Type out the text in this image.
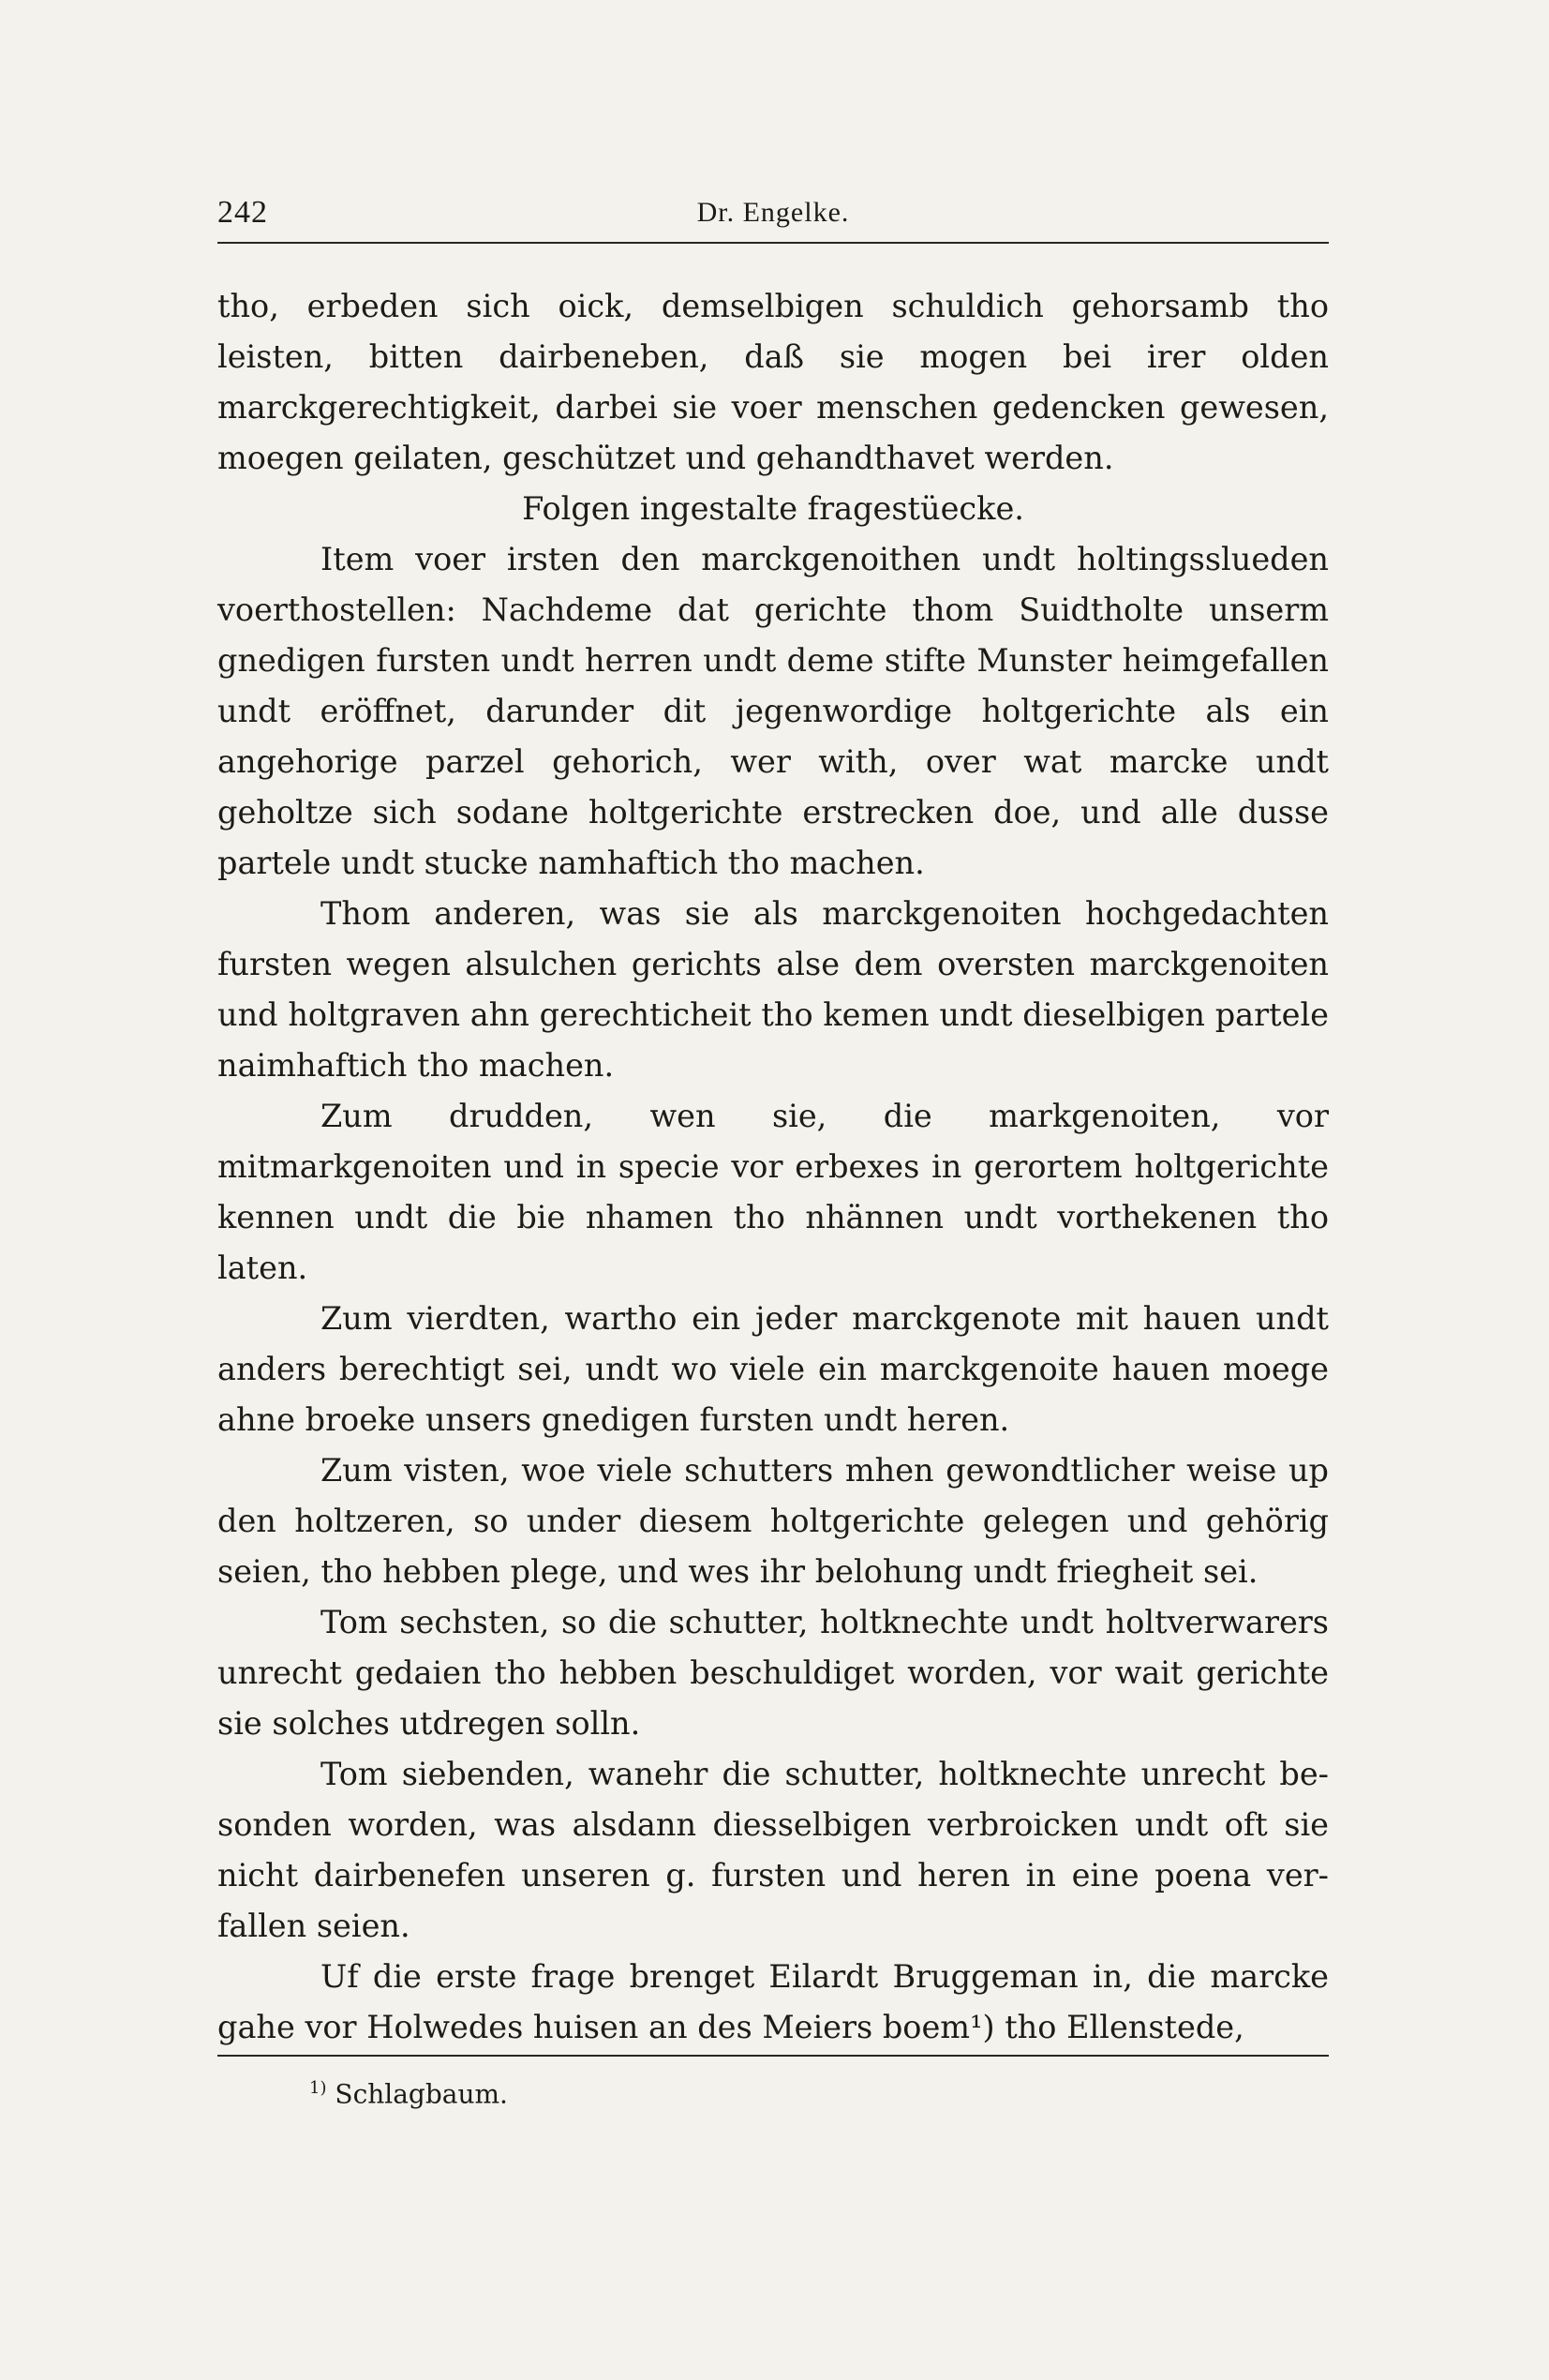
242	Dr. Engelke.

tho, erbeden sich oick, demselbigen schuldich gehorsamb tho leisten, bitten dairbeneben, daß sie mogen bei irer olden marckgerechtigkeit, darbei sie voer menschen gedencken gewesen, moegen geilaten, geschützet und gehandthavet werden.

Folgen ingestalte fragestüecke.

Item voer irsten den marckgenoithen undt holtingsslueden voerthostellen: Nachdeme dat gerichte thom Suidtholte unserm gnedigen fursten undt herren undt deme stifte Munster heimgefallen undt eröffnet, darunder dit jegenwordige holtgerichte als ein angehorige parzel gehorich, wer with, over wat marcke undt geholtze sich sodane holtgerichte erstrecken doe, und alle dusse partele undt stucke namhaftich tho machen.

Thom anderen, was sie als marckgenoiten hochgedachten fursten wegen alsulchen gerichts alse dem oversten marckgenoiten und holtgraven ahn gerechticheit tho kemen undt dieselbigen partele naimhaftich tho machen.

Zum drudden, wen sie, die markgenoiten, vor mitmarkgenoiten und in specie vor erbexes in gerortem holtgerichte kennen undt die bie nhamen tho nhännen undt vorthekenen tho laten.

Zum vierdten, wartho ein jeder marckgenote mit hauen undt anders berechtigt sei, undt wo viele ein marckgenoite hauen moege ahne broeke unsers gnedigen fursten undt heren.

Zum visten, woe viele schutters mhen gewondtlicher weise up den holtzeren, so under diesem holtgerichte gelegen und gehörig seien, tho hebben plege, und wes ihr belohung undt friegheit sei.

Tom sechsten, so die schutter, holtknechte undt holtverwarers unrecht gedaien tho hebben beschuldiget worden, vor wait gerichte sie solches utdregen solln.

Tom siebenden, wanehr die schutter, holtknechte unrecht besonden worden, was alsdann diesselbigen verbroicken undt oft sie nicht dairbenefen unseren g. fursten und heren in eine poena verfallen seien.

Uf die erste frage brenget Eilardt Bruggeman in, die marcke gahe vor Holwedes huisen an des Meiers boem¹) tho Ellenstede,

$^{1)}$ Schlagbaum.
